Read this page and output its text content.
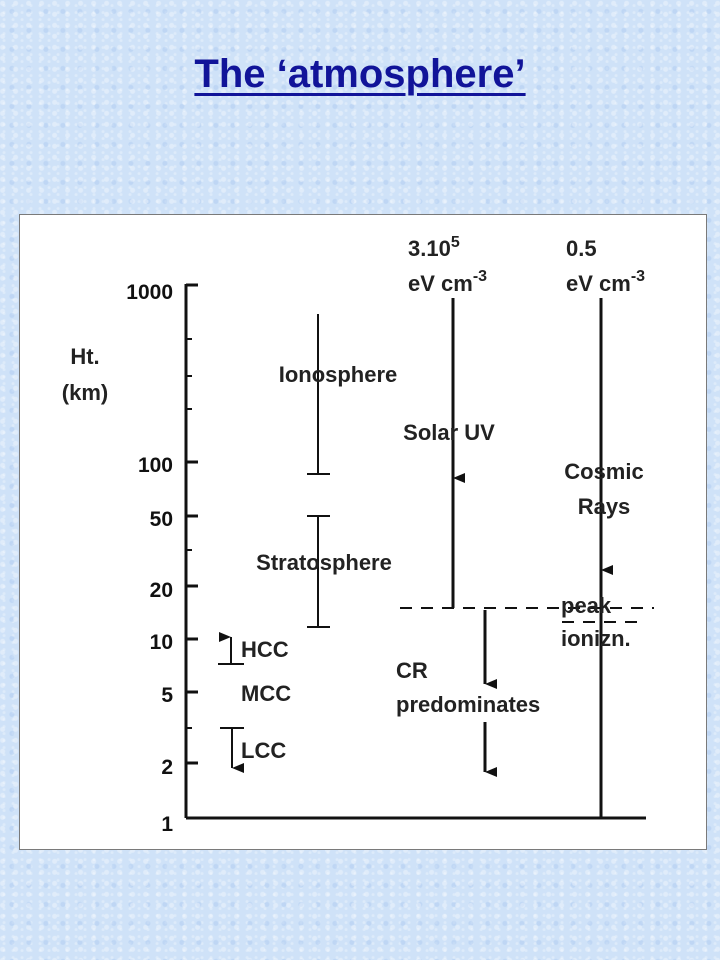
The ‘atmosphere’
1000
100
50
20
10
5
2
1
Ht.
(km)
Ionosphere
Stratosphere
HCC
MCC
LCC
3.10$^5$
eV $cm^{-3}$
Solar UV
0.5
eV $cm^{-3}$
Cosmic
Rays
peak
ionizn.
CR
predominates
